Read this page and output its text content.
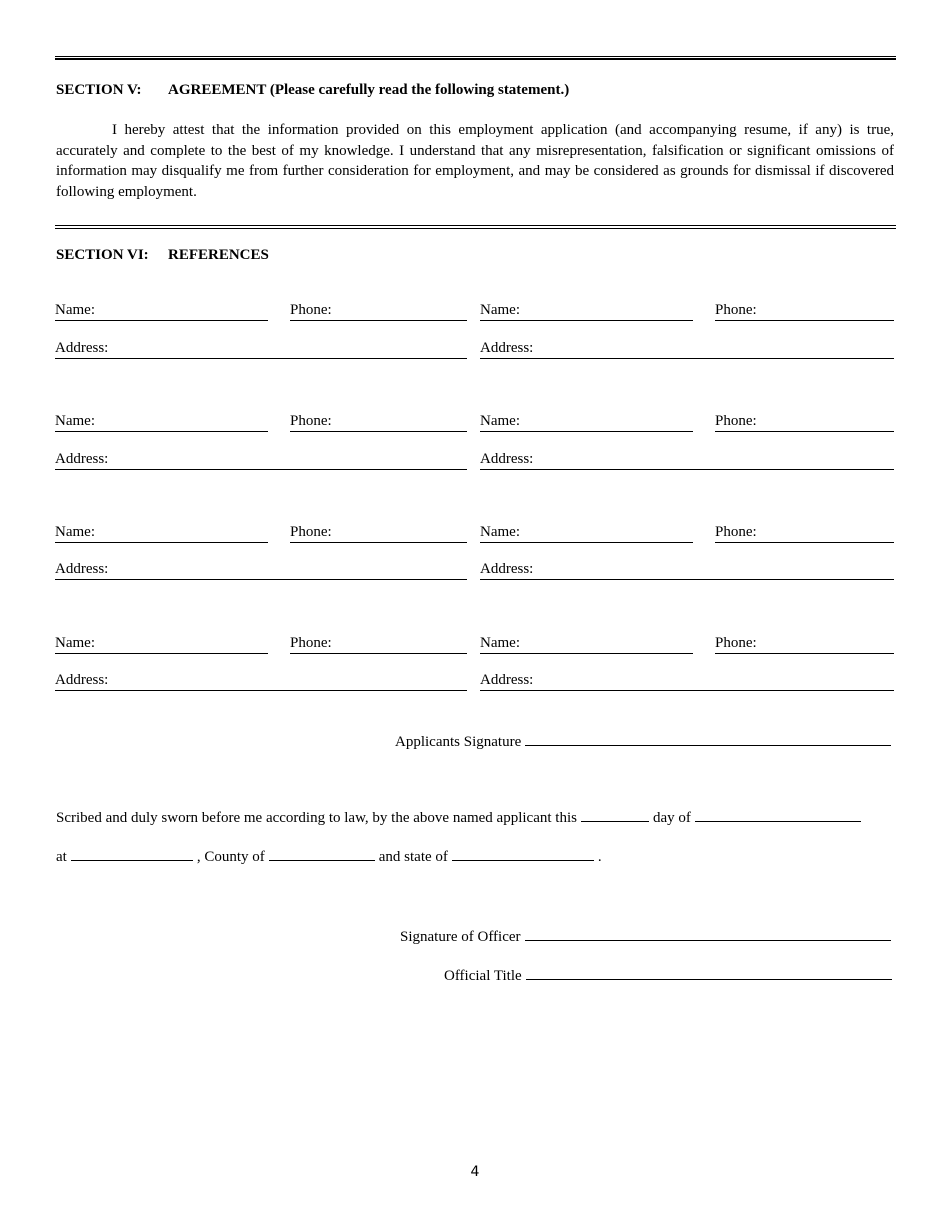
SECTION V: AGREEMENT (Please carefully read the following statement.)

I hereby attest that the information provided on this employment application (and accompanying resume, if any) is true, accurately and complete to the best of my knowledge. I understand that any misrepresentation, falsification or significant omissions of information may disqualify me from further consideration for employment, and may be considered as grounds for dismissal if discovered following employment.

SECTION VI: REFERENCES
Name:	Phone:	Name:	Phone:
Address:	Address:
Name:	Phone:	Name:	Phone:
Address:	Address:
Name:	Phone:	Name:	Phone:
Address:	Address:
Name:	Phone:	Name:	Phone:
Address:	Address:
Applicants Signature
Scribed and duly sworn before me according to law, by the above named applicant this	day of
at	, County of	and state of	.
Signature of Officer
Official Title
4
